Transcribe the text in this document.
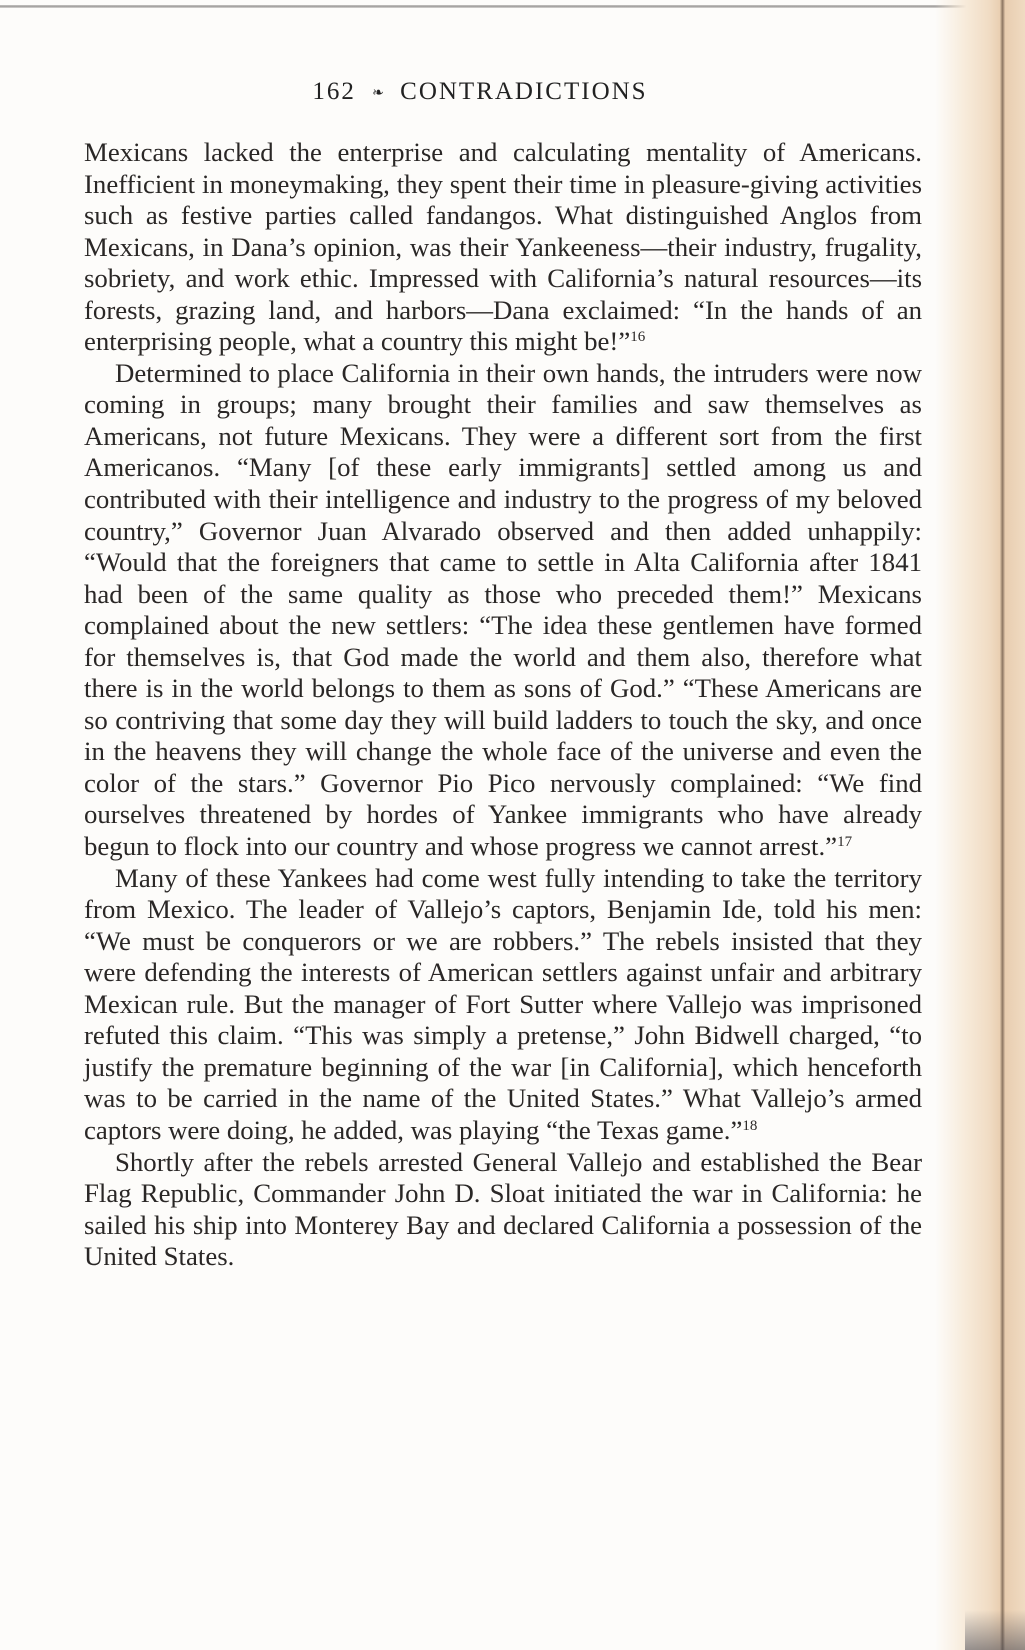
162 ❧ CONTRADICTIONS

Mexicans lacked the enterprise and calculating mentality of Americans. Inefficient in moneymaking, they spent their time in pleasure-giving activities such as festive parties called fandangos. What distinguished Anglos from Mexicans, in Dana’s opinion, was their Yankeeness—their industry, frugality, sobriety, and work ethic. Impressed with California’s natural resources—its forests, grazing land, and harbors—Dana exclaimed: “In the hands of an enterprising people, what a country this might be!”$^{16}$

Determined to place California in their own hands, the intruders were now coming in groups; many brought their families and saw themselves as Americans, not future Mexicans. They were a different sort from the first Americanos. “Many [of these early immigrants] settled among us and contributed with their intelligence and industry to the progress of my beloved country,” Governor Juan Alvarado observed and then added unhappily: “Would that the foreigners that came to settle in Alta California after 1841 had been of the same quality as those who preceded them!” Mexicans complained about the new settlers: “The idea these gentlemen have formed for themselves is, that God made the world and them also, therefore what there is in the world belongs to them as sons of God.” “These Americans are so contriving that some day they will build ladders to touch the sky, and once in the heavens they will change the whole face of the universe and even the color of the stars.” Governor Pio Pico nervously complained: “We find ourselves threatened by hordes of Yankee immigrants who have already begun to flock into our country and whose progress we cannot arrest.”$^{17}$

Many of these Yankees had come west fully intending to take the territory from Mexico. The leader of Vallejo’s captors, Benjamin Ide, told his men: “We must be conquerors or we are robbers.” The rebels insisted that they were defending the interests of American settlers against unfair and arbitrary Mexican rule. But the manager of Fort Sutter where Vallejo was imprisoned refuted this claim. “This was simply a pretense,” John Bidwell charged, “to justify the premature beginning of the war [in California], which henceforth was to be carried in the name of the United States.” What Vallejo’s armed captors were doing, he added, was playing “the Texas game.”$^{18}$

Shortly after the rebels arrested General Vallejo and established the Bear Flag Republic, Commander John D. Sloat initiated the war in California: he sailed his ship into Monterey Bay and declared California a possession of the United States.
